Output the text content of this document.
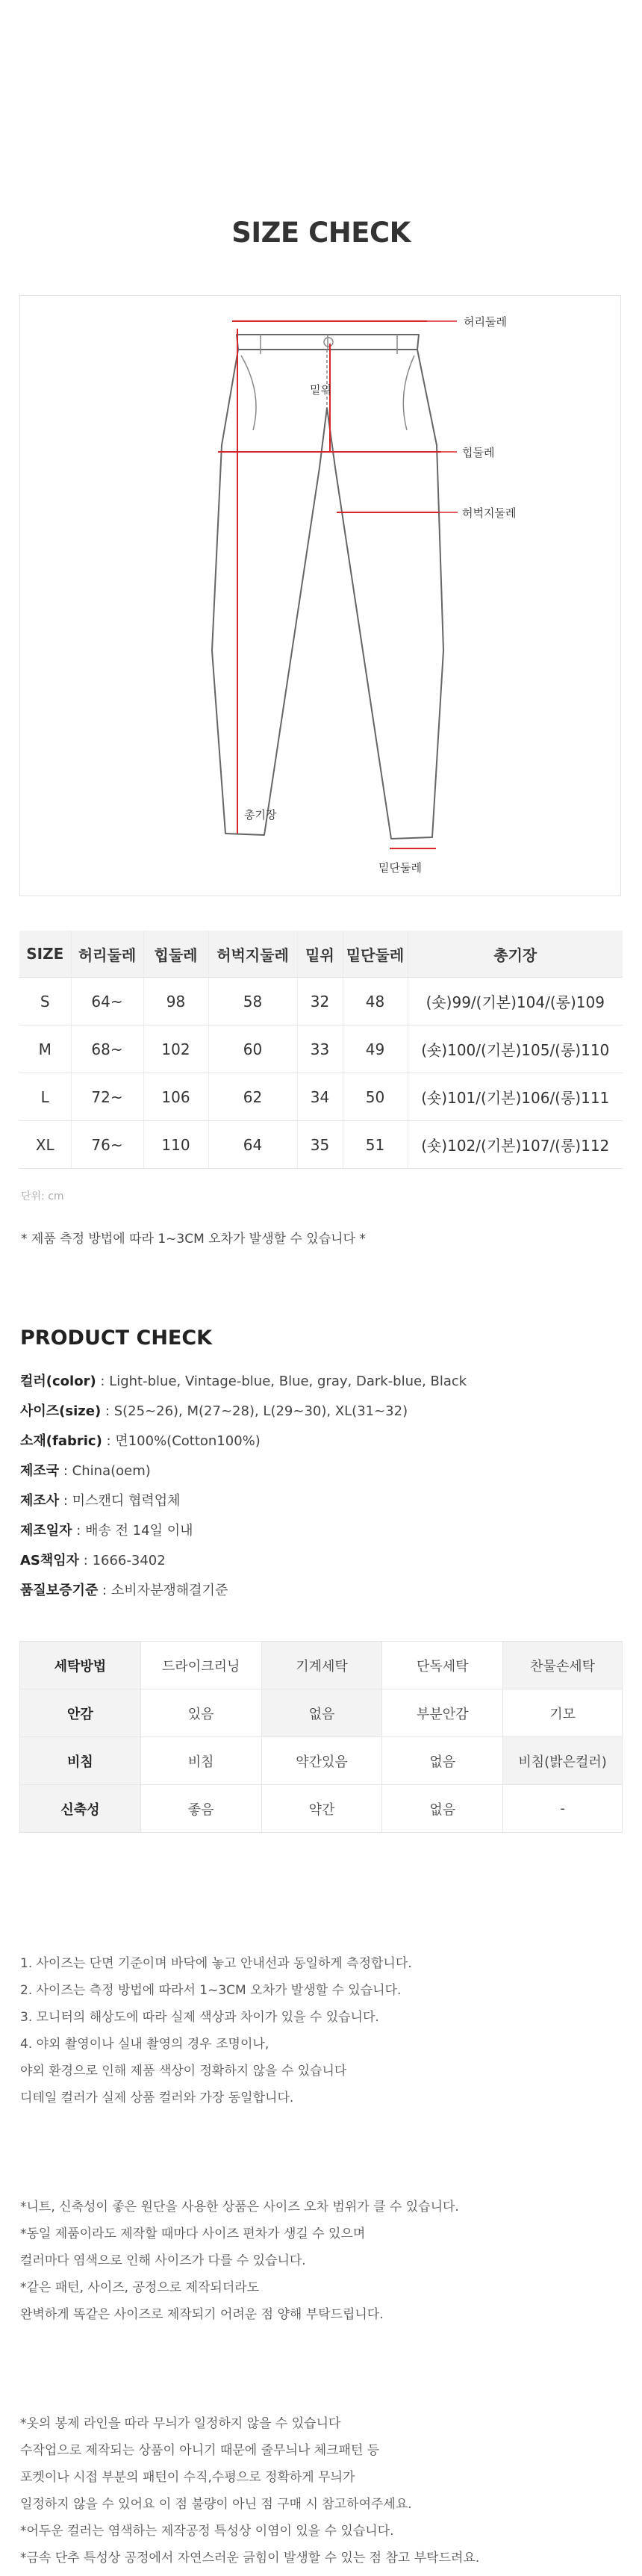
SIZE CHECK
허리둘레
밑위
힙둘레
허벅지둘레
총기장
밑단둘레
SIZE	허리둘레	힙둘레	허벅지둘레	밑위	밑단둘레	총기장
S	64~	98	58	32	48	(숏)99/(기본)104/(롱)109
M	68~	102	60	33	49	(숏)100/(기본)105/(롱)110
L	72~	106	62	34	50	(숏)101/(기본)106/(롱)111
XL	76~	110	64	35	51	(숏)102/(기본)107/(롱)112
단위: cm
* 제품 측정 방법에 따라 1~3CM 오차가 발생할 수 있습니다 *
PRODUCT CHECK
컬러(color) : Light-blue, Vintage-blue, Blue, gray, Dark-blue, Black
사이즈(size) : S(25~26), M(27~28), L(29~30), XL(31~32)
소재(fabric) : 면100%(Cotton100%)
제조국 : China(oem)
제조사 : 미스캔디 협력업체
제조일자 : 배송 전 14일 이내
AS책임자 : 1666-3402
품질보증기준 : 소비자분쟁해결기준
세탁방법	드라이크리닝	기계세탁	단독세탁	찬물손세탁
안감	있음	없음	부분안감	기모
비침	비침	약간있음	없음	비침(밝은컬러)
신축성	좋음	약간	없음	-
1. 사이즈는 단면 기준이며 바닥에 놓고 안내선과 동일하게 측정합니다.
2. 사이즈는 측정 방법에 따라서 1~3CM 오차가 발생할 수 있습니다.
3. 모니터의 해상도에 따라 실제 색상과 차이가 있을 수 있습니다.
4. 야외 촬영이나 실내 촬영의 경우 조명이나,
야외 환경으로 인해 제품 색상이 정확하지 않을 수 있습니다
디테일 컬러가 실제 상품 컬러와 가장 동일합니다.
*니트, 신축성이 좋은 원단을 사용한 상품은 사이즈 오차 범위가 클 수 있습니다.
*동일 제품이라도 제작할 때마다 사이즈 편차가 생길 수 있으며
컬러마다 염색으로 인해 사이즈가 다를 수 있습니다.
*같은 패턴, 사이즈, 공정으로 제작되더라도
완벽하게 똑같은 사이즈로 제작되기 어려운 점 양해 부탁드립니다.
*옷의 봉제 라인을 따라 무늬가 일정하지 않을 수 있습니다
수작업으로 제작되는 상품이 아니기 때문에 줄무늬나 체크패턴 등
포켓이나 시접 부분의 패턴이 수직,수평으로 정확하게 무늬가
일정하지 않을 수 있어요 이 점 불량이 아닌 점 구매 시 참고하여주세요.
*어두운 컬러는 염색하는 제작공정 특성상 이염이 있을 수 있습니다.
*금속 단추 특성상 공정에서 자연스러운 긁힘이 발생할 수 있는 점 참고 부탁드려요.
